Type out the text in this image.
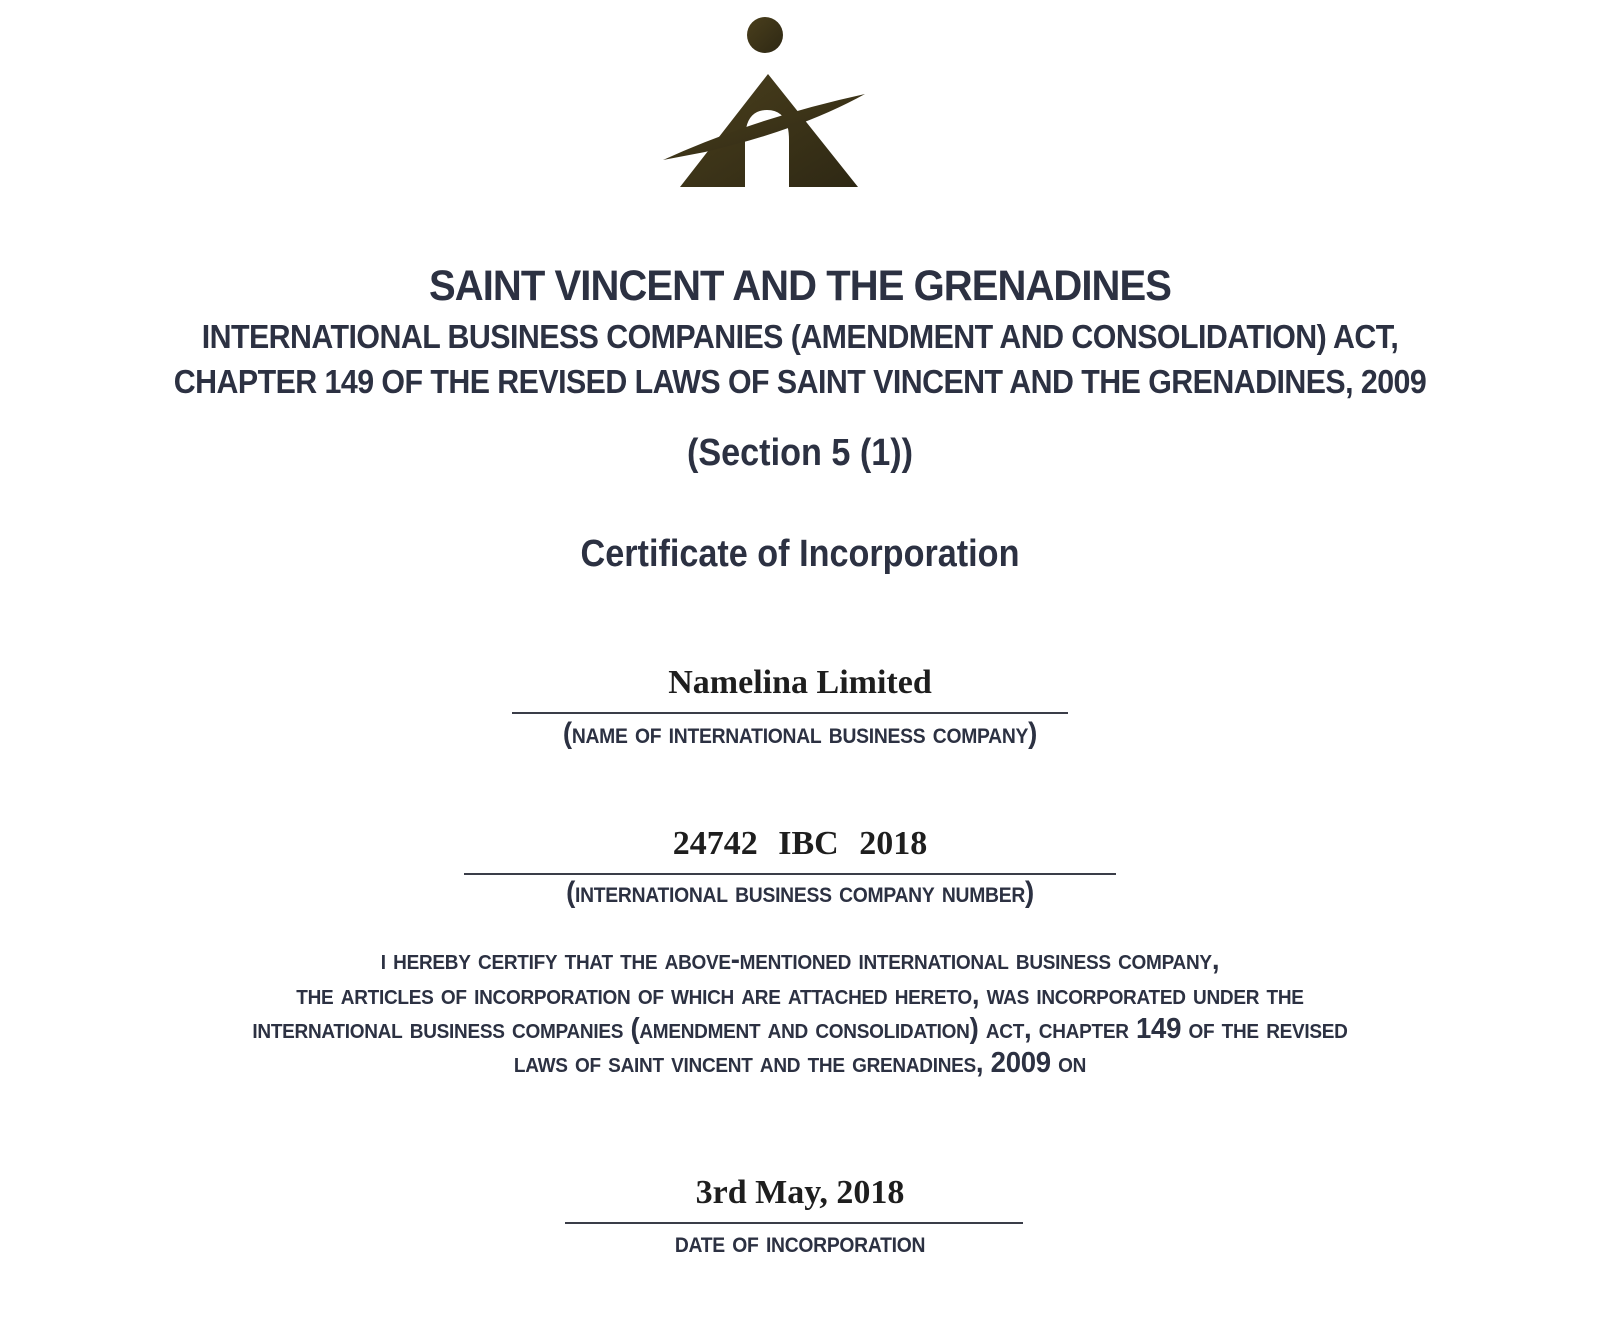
SAINT VINCENT AND THE GRENADINES
INTERNATIONAL BUSINESS COMPANIES (AMENDMENT AND CONSOLIDATION) ACT,
CHAPTER 149 OF THE REVISED LAWS OF SAINT VINCENT AND THE GRENADINES, 2009
(Section 5 (1))
Certificate of Incorporation
Namelina Limited
(name of international business company)
24742 IBC 2018
(international business company number)
i hereby certify that the above-mentioned international business company,
the articles of incorporation of which are attached hereto, was incorporated under the
international business companies (amendment and consolidation) act, chapter 149 of the revised
laws of saint vincent and the grenadines, 2009 on
3rd May, 2018
date of incorporation
